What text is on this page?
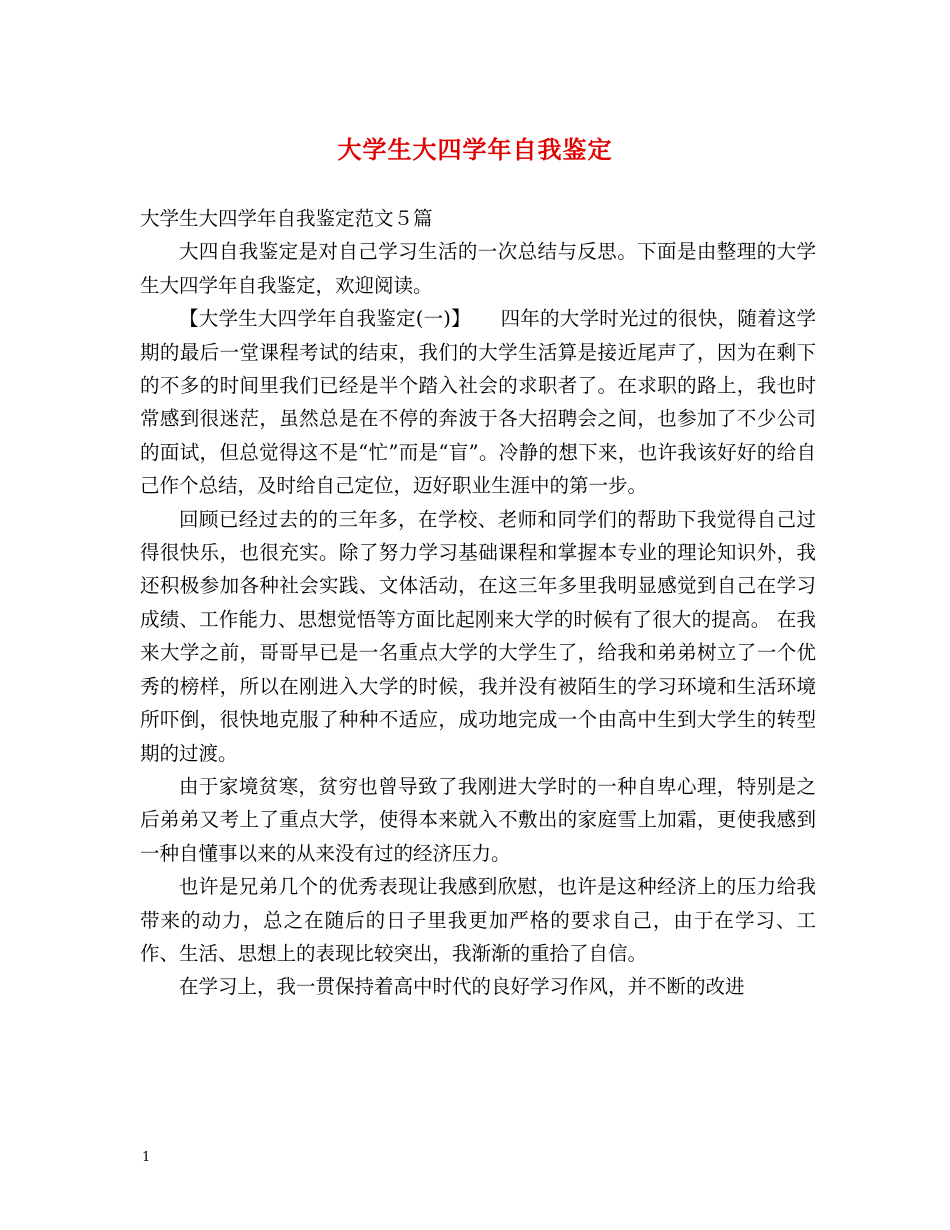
大学生大四学年自我鉴定

大学生大四学年自我鉴定范文５篇

大四自我鉴定是对自己学习生活的一次总结与反思。下面是由整理的大学生大四学年自我鉴定，欢迎阅读。

【大学生大四学年自我鉴定(一)】　　四年的大学时光过的很快，随着这学期的最后一堂课程考试的结束，我们的大学生活算是接近尾声了，因为在剩下的不多的时间里我们已经是半个踏入社会的求职者了。在求职的路上，我也时常感到很迷茫，虽然总是在不停的奔波于各大招聘会之间，也参加了不少公司的面试，但总觉得这不是“忙”而是“盲”。冷静的想下来，也许我该好好的给自己作个总结，及时给自己定位，迈好职业生涯中的第一步。

回顾已经过去的的三年多，在学校、老师和同学们的帮助下我觉得自己过得很快乐，也很充实。除了努力学习基础课程和掌握本专业的理论知识外，我还积极参加各种社会实践、文体活动，在这三年多里我明显感觉到自己在学习成绩、工作能力、思想觉悟等方面比起刚来大学的时候有了很大的提高。 在我来大学之前，哥哥早已是一名重点大学的大学生了，给我和弟弟树立了一个优秀的榜样，所以在刚进入大学的时候，我并没有被陌生的学习环境和生活环境所吓倒，很快地克服了种种不适应，成功地完成一个由高中生到大学生的转型期的过渡。

由于家境贫寒，贫穷也曾导致了我刚进大学时的一种自卑心理，特别是之后弟弟又考上了重点大学，使得本来就入不敷出的家庭雪上加霜，更使我感到一种自懂事以来的从来没有过的经济压力。

也许是兄弟几个的优秀表现让我感到欣慰，也许是这种经济上的压力给我带来的动力，总之在随后的日子里我更加严格的要求自己，由于在学习、工作、生活、思想上的表现比较突出，我渐渐的重拾了自信。

在学习上，我一贯保持着高中时代的良好学习作风，并不断的改进

1
